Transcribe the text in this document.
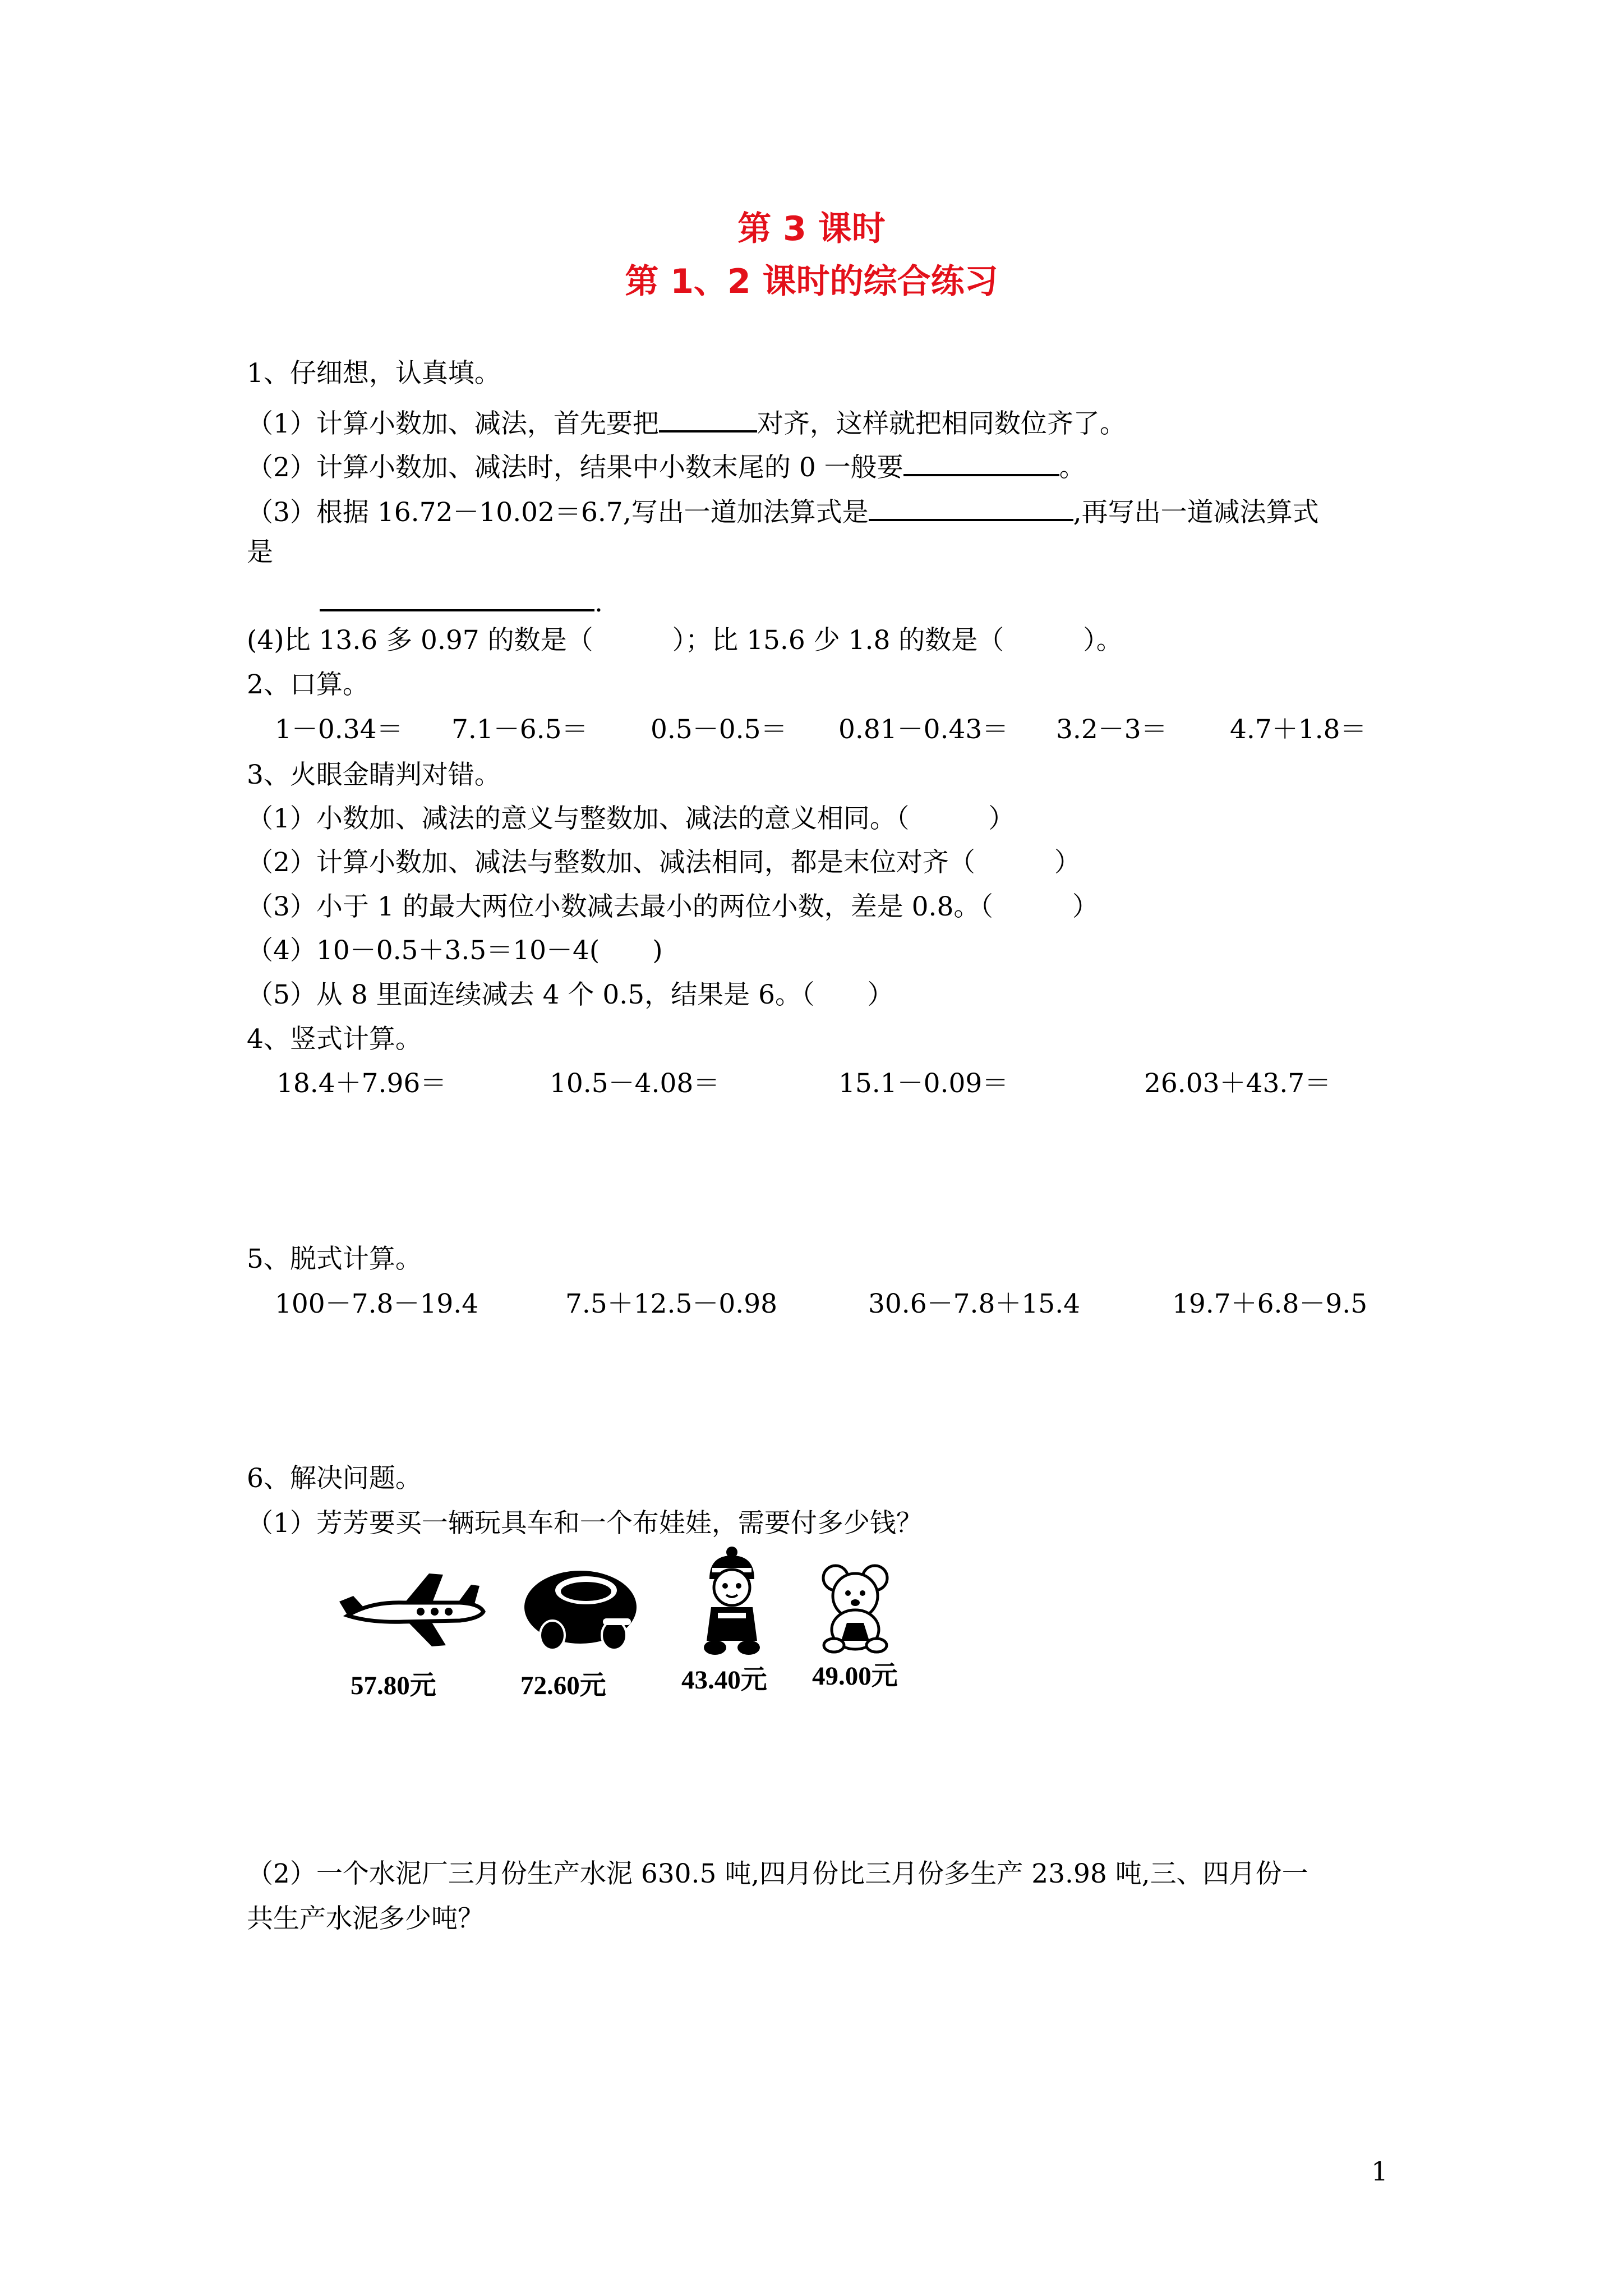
第 3 课时
第 1、2 课时的综合练习
1、仔细想，认真填。
（1）计算小数加、减法，首先要把	对齐，这样就把相同数位齐了。
（2）计算小数加、减法时，结果中小数末尾的 0 一般要	。
（3）根据 16.72－10.02＝6.7,写出一道加法算式是	,再写出一道减法算式
是
.
(4)比 13.6 多 0.97 的数是（　　　）；比 15.6 少 1.8 的数是（　　　）。
2、口算。
1－0.34＝ 7.1－6.5＝ 0.5－0.5＝ 0.81－0.43＝ 3.2－3＝ 4.7＋1.8＝
3、火眼金睛判对错。
（1）小数加、减法的意义与整数加、减法的意义相同。（　　　）
（2）计算小数加、减法与整数加、减法相同，都是末位对齐（　　　）
（3）小于 1 的最大两位小数减去最小的两位小数，差是 0.8。（　　　）
（4）10－0.5＋3.5＝10－4(　　)
（5）从 8 里面连续减去 4 个 0.5，结果是 6。（　　）
4、竖式计算。
18.4＋7.96＝	10.5－4.08＝	15.1－0.09＝	26.03＋43.7＝
5、脱式计算。
100－7.8－19.4	7.5＋12.5－0.98	30.6－7.8＋15.4	19.7＋6.8－9.5
6、解决问题。
（1）芳芳要买一辆玩具车和一个布娃娃，需要付多少钱？
57.80元	72.60元	43.40元 49.00元
（2）一个水泥厂三月份生产水泥 630.5 吨,四月份比三月份多生产 23.98 吨,三、四月份一
共生产水泥多少吨？
1
